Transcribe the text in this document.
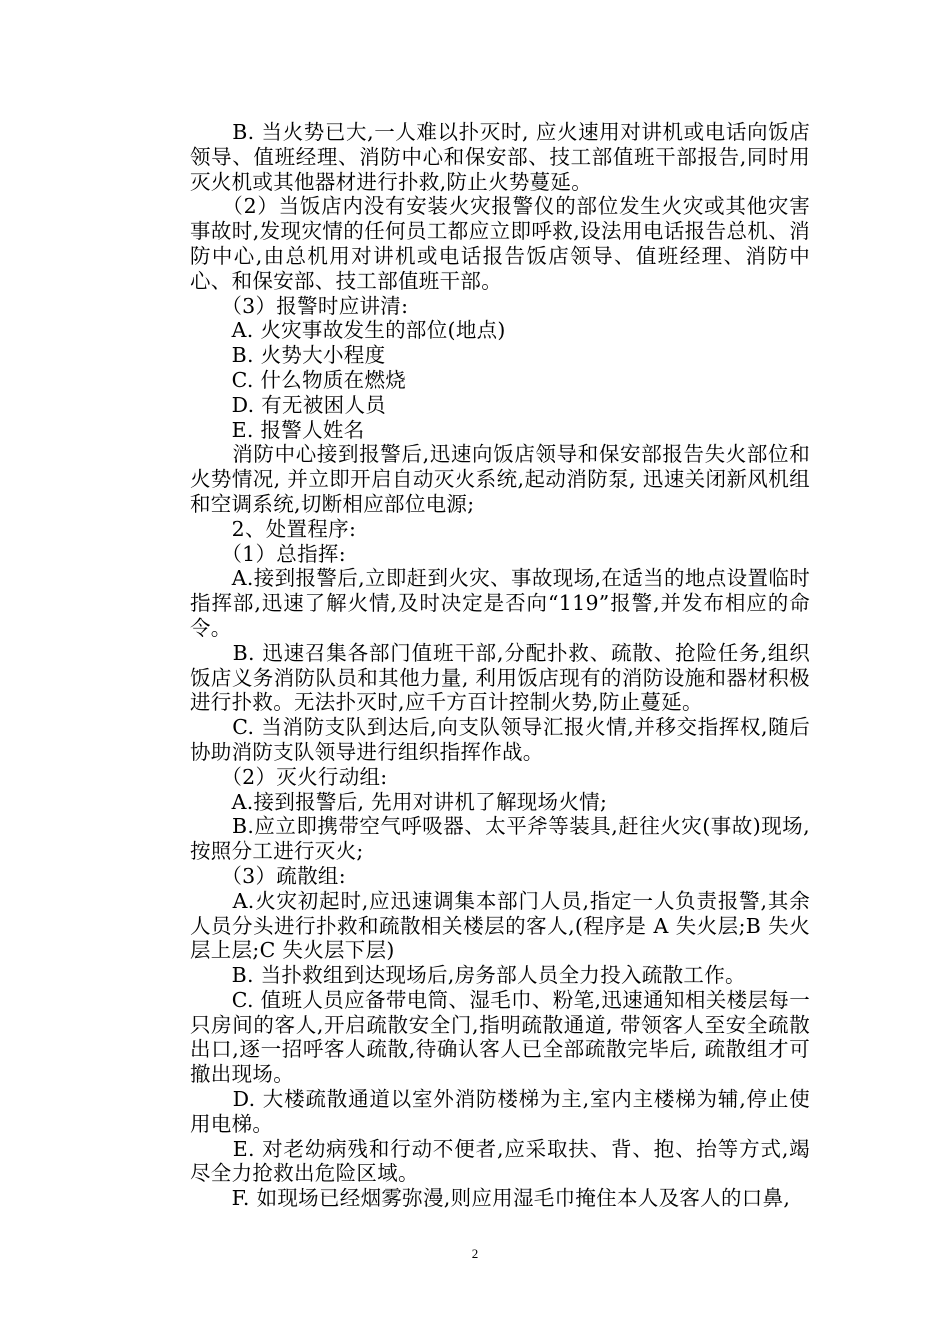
　　B. 当火势已大,一人难以扑灭时, 应火速用对讲机或电话向饭店领导、值班经理、消防中心和保安部、技工部值班干部报告,同时用灭火机或其他器材进行扑救,防止火势蔓延。

　　（2）当饭店内没有安装火灾报警仪的部位发生火灾或其他灾害事故时,发现灾情的任何员工都应立即呼救,设法用电话报告总机、消防中心,由总机用对讲机或电话报告饭店领导、值班经理、消防中心、和保安部、技工部值班干部。

　　（3）报警时应讲清:

　　A. 火灾事故发生的部位(地点)

　　B. 火势大小程度

　　C. 什么物质在燃烧

　　D. 有无被困人员

　　E. 报警人姓名

　　消防中心接到报警后,迅速向饭店领导和保安部报告失火部位和火势情况, 并立即开启自动灭火系统,起动消防泵, 迅速关闭新风机组和空调系统,切断相应部位电源;

　　2、处置程序:

　　（1）总指挥:

　　A.接到报警后,立即赶到火灾、事故现场,在适当的地点设置临时指挥部,迅速了解火情,及时决定是否向“119”报警,并发布相应的命令。

　　B. 迅速召集各部门值班干部,分配扑救、疏散、抢险任务,组织饭店义务消防队员和其他力量, 利用饭店现有的消防设施和器材积极进行扑救。无法扑灭时,应千方百计控制火势,防止蔓延。

　　C. 当消防支队到达后,向支队领导汇报火情,并移交指挥权,随后协助消防支队领导进行组织指挥作战。

　　（2）灭火行动组:

　　A.接到报警后, 先用对讲机了解现场火情;

　　B.应立即携带空气呼吸器、太平斧等装具,赶往火灾(事故)现场,按照分工进行灭火;

　　（3）疏散组:

　　A.火灾初起时,应迅速调集本部门人员,指定一人负责报警,其余人员分头进行扑救和疏散相关楼层的客人,(程序是 A 失火层;B 失火层上层;C 失火层下层)

　　B. 当扑救组到达现场后,房务部人员全力投入疏散工作。

　　C. 值班人员应备带电筒、湿毛巾、粉笔,迅速通知相关楼层每一只房间的客人,开启疏散安全门,指明疏散通道, 带领客人至安全疏散出口,逐一招呼客人疏散,待确认客人已全部疏散完毕后, 疏散组才可撤出现场。

　　D. 大楼疏散通道以室外消防楼梯为主,室内主楼梯为辅,停止使用电梯。

　　E. 对老幼病残和行动不便者,应采取扶、背、抱、抬等方式,竭尽全力抢救出危险区域。

　　F. 如现场已经烟雾弥漫,则应用湿毛巾掩住本人及客人的口鼻,

2
